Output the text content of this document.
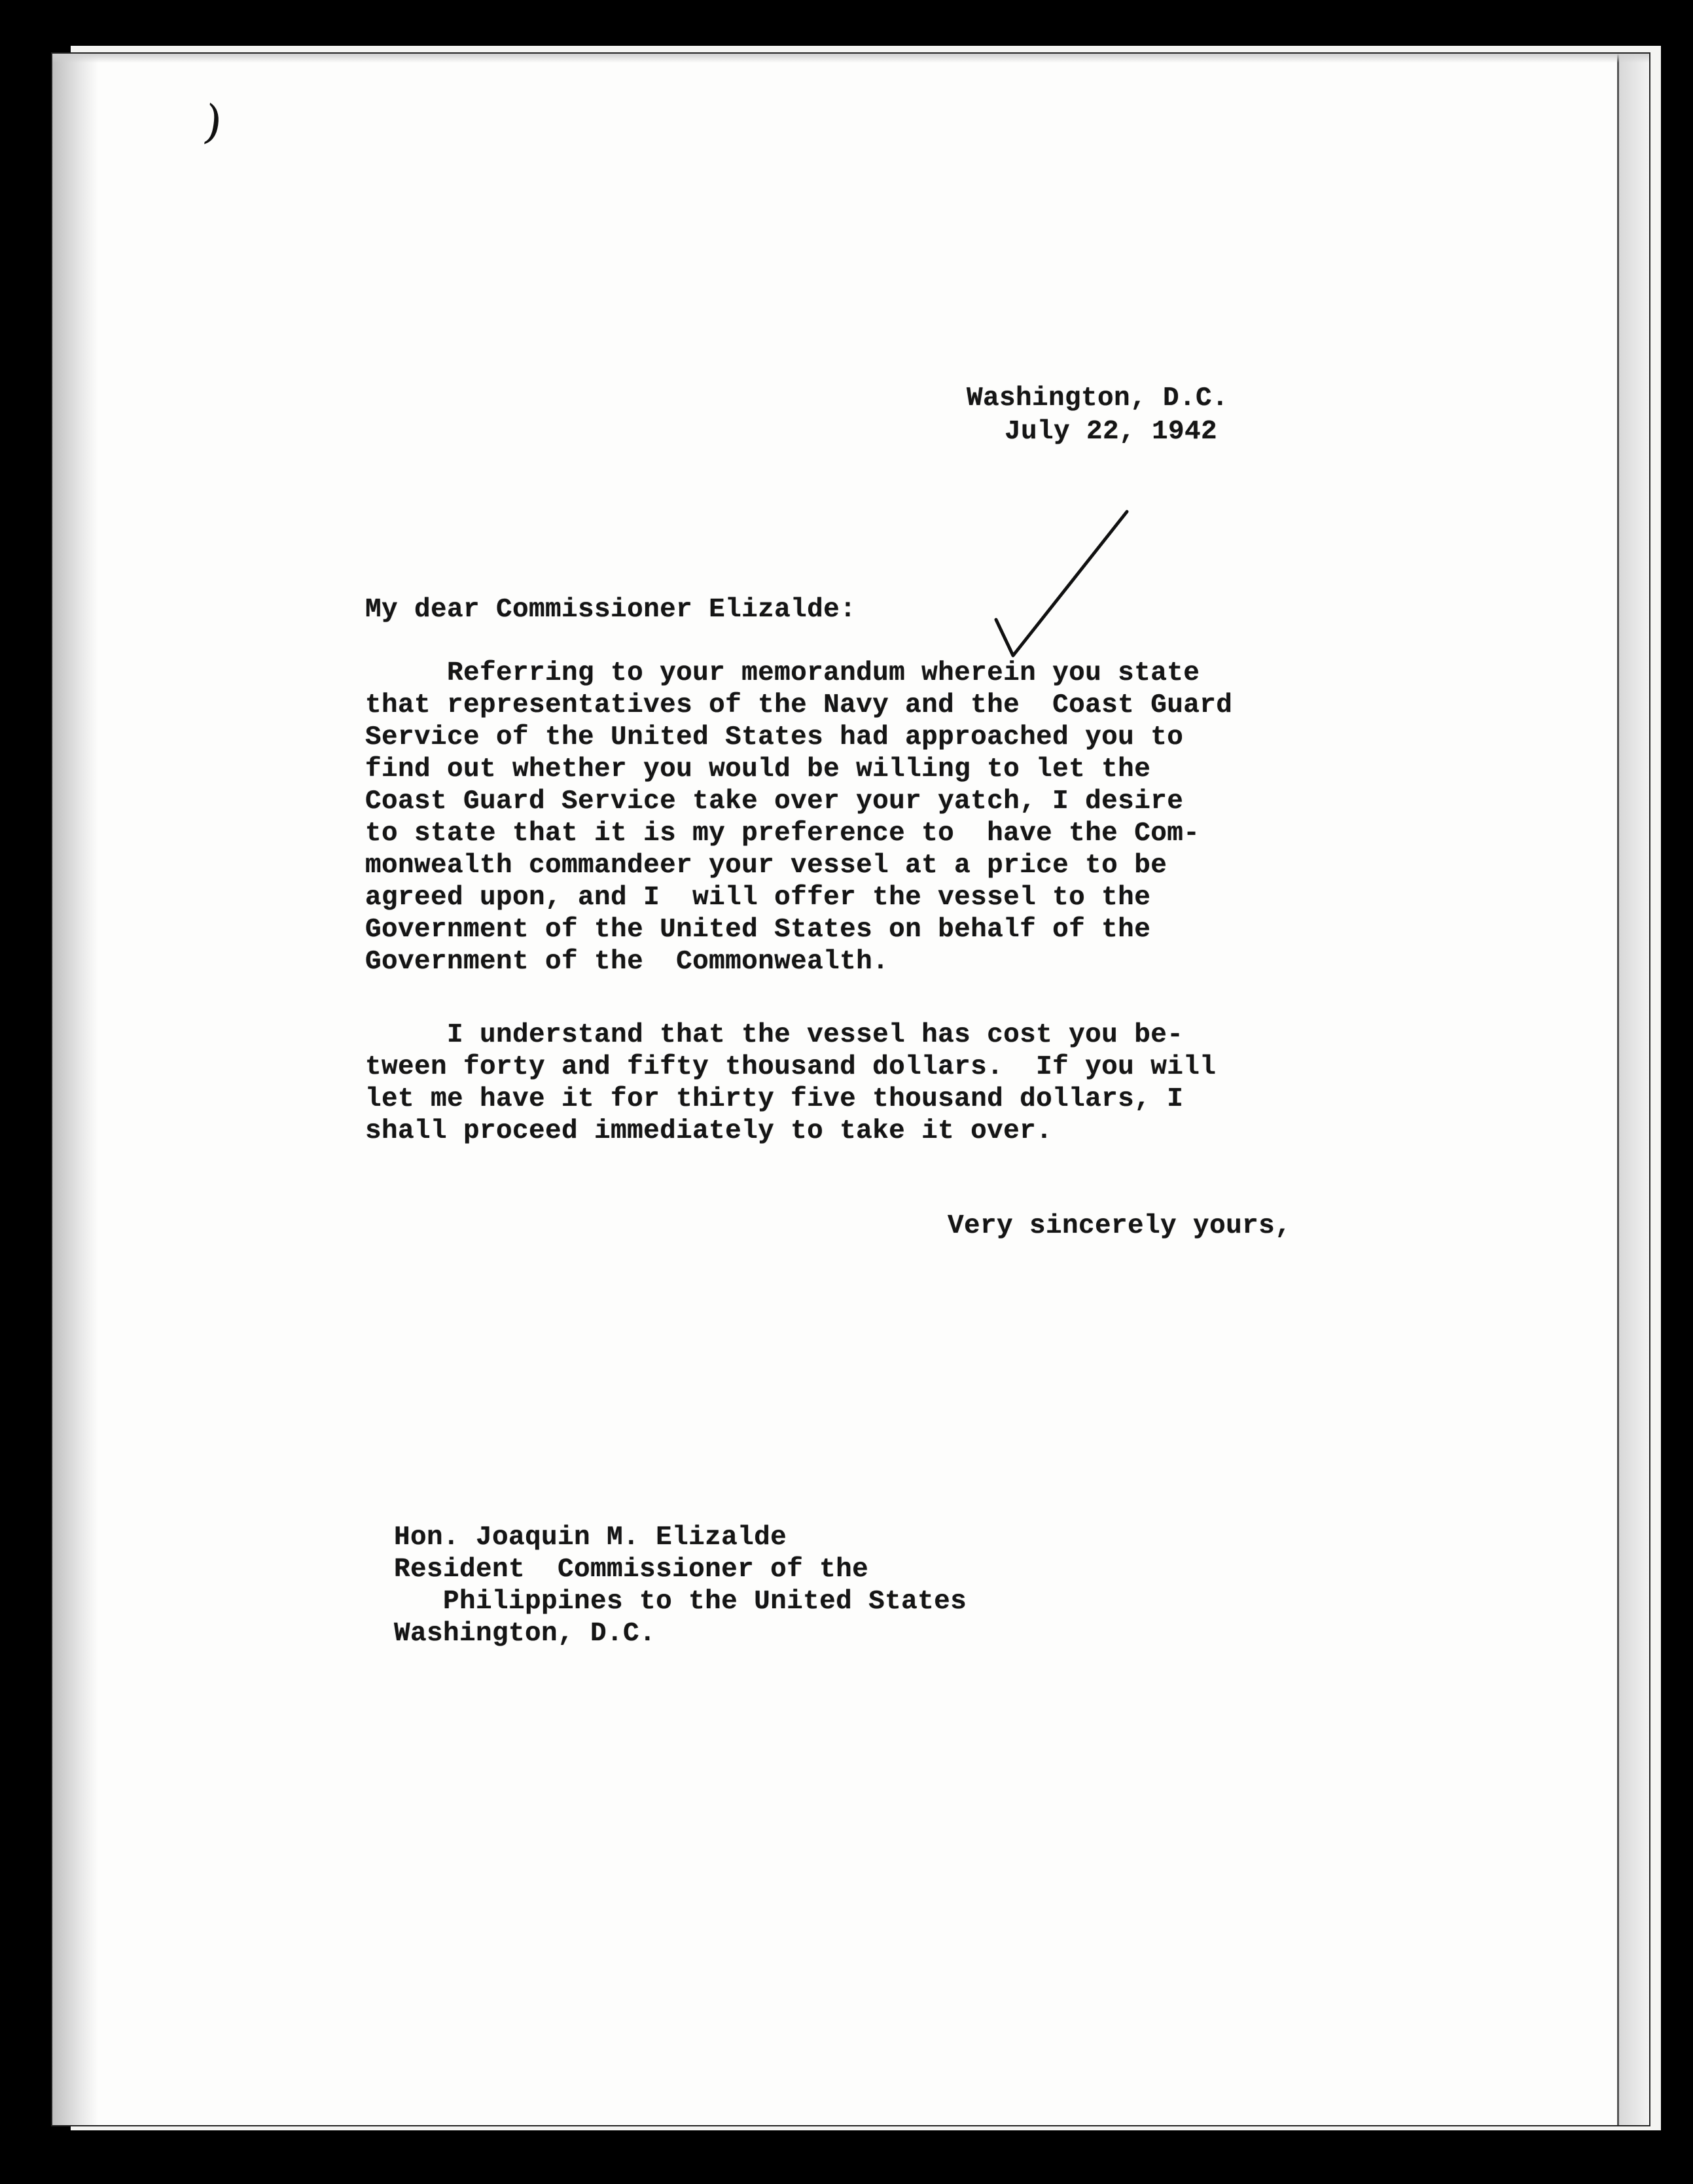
)
Washington, D.C.
July 22, 1942
My dear Commissioner Elizalde:
Referring to your memorandum wherein you state
that representatives of the Navy and the  Coast Guard
Service of the United States had approached you to
find out whether you would be willing to let the
Coast Guard Service take over your yatch, I desire
to state that it is my preference to  have the Com-
monwealth commandeer your vessel at a price to be
agreed upon, and I  will offer the vessel to the
Government of the United States on behalf of the
Government of the  Commonwealth.
I understand that the vessel has cost you be-
tween forty and fifty thousand dollars.  If you will
let me have it for thirty five thousand dollars, I
shall proceed immediately to take it over.
Very sincerely yours,
Hon. Joaquin M. Elizalde
Resident  Commissioner of the
Philippines to the United States
Washington, D.C.
